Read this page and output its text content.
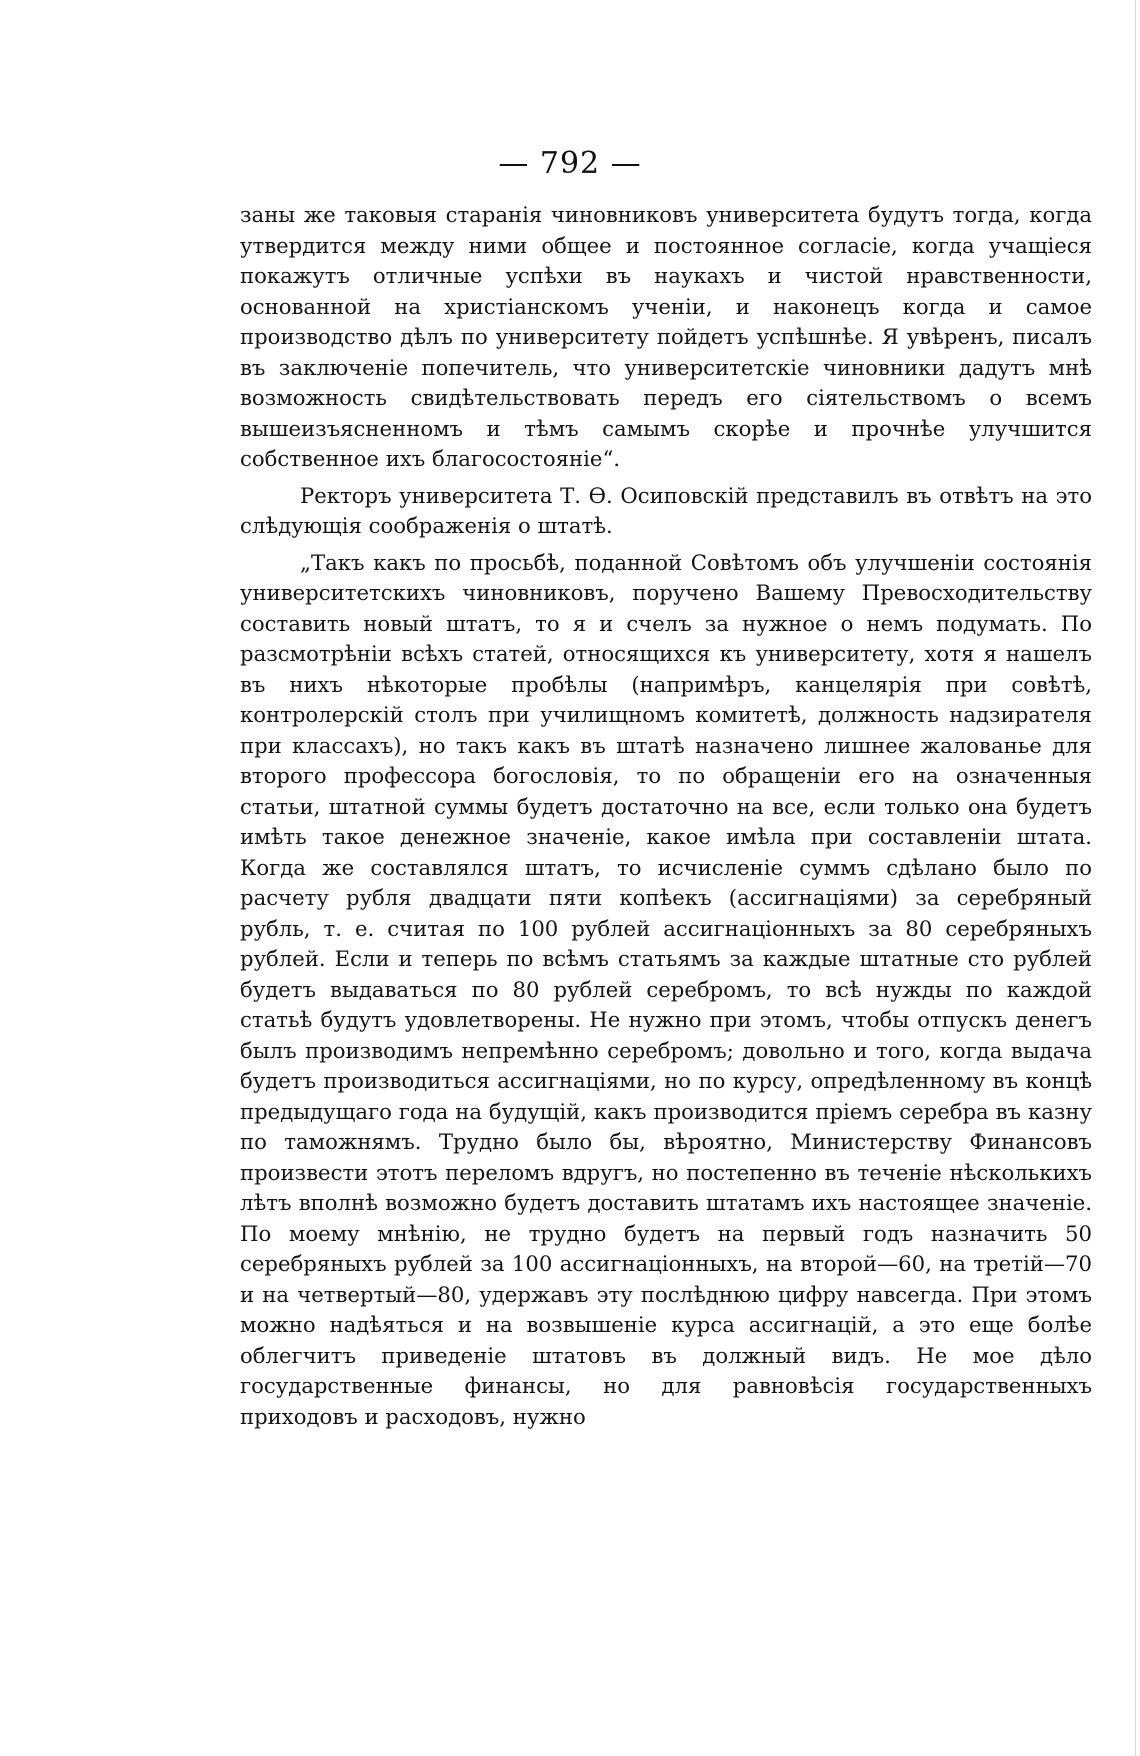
— 792 —

заны же таковыя старанія чиновниковъ университета будутъ тогда, когда утвердится между ними общее и постоянное согласіе, когда учащіеся покажутъ отличные успѣхи въ наукахъ и чистой нравственности, основанной на христіанскомъ ученіи, и наконецъ когда и самое производство дѣлъ по университету пойдетъ успѣшнѣе. Я увѣренъ, писалъ въ заключеніе попечитель, что университетскіе чиновники дадутъ мнѣ возможность свидѣтельствовать передъ его сіятельствомъ о всемъ вышеизъясненномъ и тѣмъ самымъ скорѣе и прочнѣе улучшится собственное ихъ благосостояніе“.

Ректоръ университета Т. Ѳ. Осиповскій представилъ въ отвѣтъ на это слѣдующія соображенія о штатѣ.

„Такъ какъ по просьбѣ, поданной Совѣтомъ объ улучшеніи состоянія университетскихъ чиновниковъ, поручено Вашему Превосходительству составить новый штатъ, то я и счелъ за нужное о немъ подумать. По разсмотрѣніи всѣхъ статей, относящихся къ университету, хотя я нашелъ въ нихъ нѣкоторые пробѣлы (напримѣръ, канцелярія при совѣтѣ, контролерскій столъ при училищномъ комитетѣ, должность надзирателя при классахъ), но такъ какъ въ штатѣ назначено лишнее жалованье для второго профессора богословія, то по обращеніи его на означенныя статьи, штатной суммы будетъ достаточно на все, если только она будетъ имѣть такое денежное значеніе, какое имѣла при составленіи штата. Когда же составлялся штатъ, то исчисленіе суммъ сдѣлано было по расчету рубля двадцати пяти копѣекъ (ассигнаціями) за серебряный рубль, т. е. считая по 100 рублей ассигнаціонныхъ за 80 серебряныхъ рублей. Если и теперь по всѣмъ статьямъ за каждые штатные сто рублей будетъ выдаваться по 80 рублей серебромъ, то всѣ нужды по каждой статьѣ будутъ удовлетворены. Не нужно при этомъ, чтобы отпускъ денегъ былъ производимъ непремѣнно серебромъ; довольно и того, когда выдача будетъ производиться ассигнаціями, но по курсу, опредѣленному въ концѣ предыдущаго года на будущій, какъ производится пріемъ серебра въ казну по таможнямъ. Трудно было бы, вѣроятно, Министерству Финансовъ произвести этотъ переломъ вдругъ, но постепенно въ теченіе нѣсколькихъ лѣтъ вполнѣ возможно будетъ доставить штатамъ ихъ настоящее значеніе. По моему мнѣнію, не трудно будетъ на первый годъ назначить 50 серебряныхъ рублей за 100 ассигнаціонныхъ, на второй—60, на третій—70 и на четвертый—80, удержавъ эту послѣднюю цифру навсегда. При этомъ можно надѣяться и на возвышеніе курса ассигнацій, а это еще болѣе облегчитъ приведеніе штатовъ въ должный видъ. Не мое дѣло государственные финансы, но для равновѣсія государственныхъ приходовъ и расходовъ, нужно
